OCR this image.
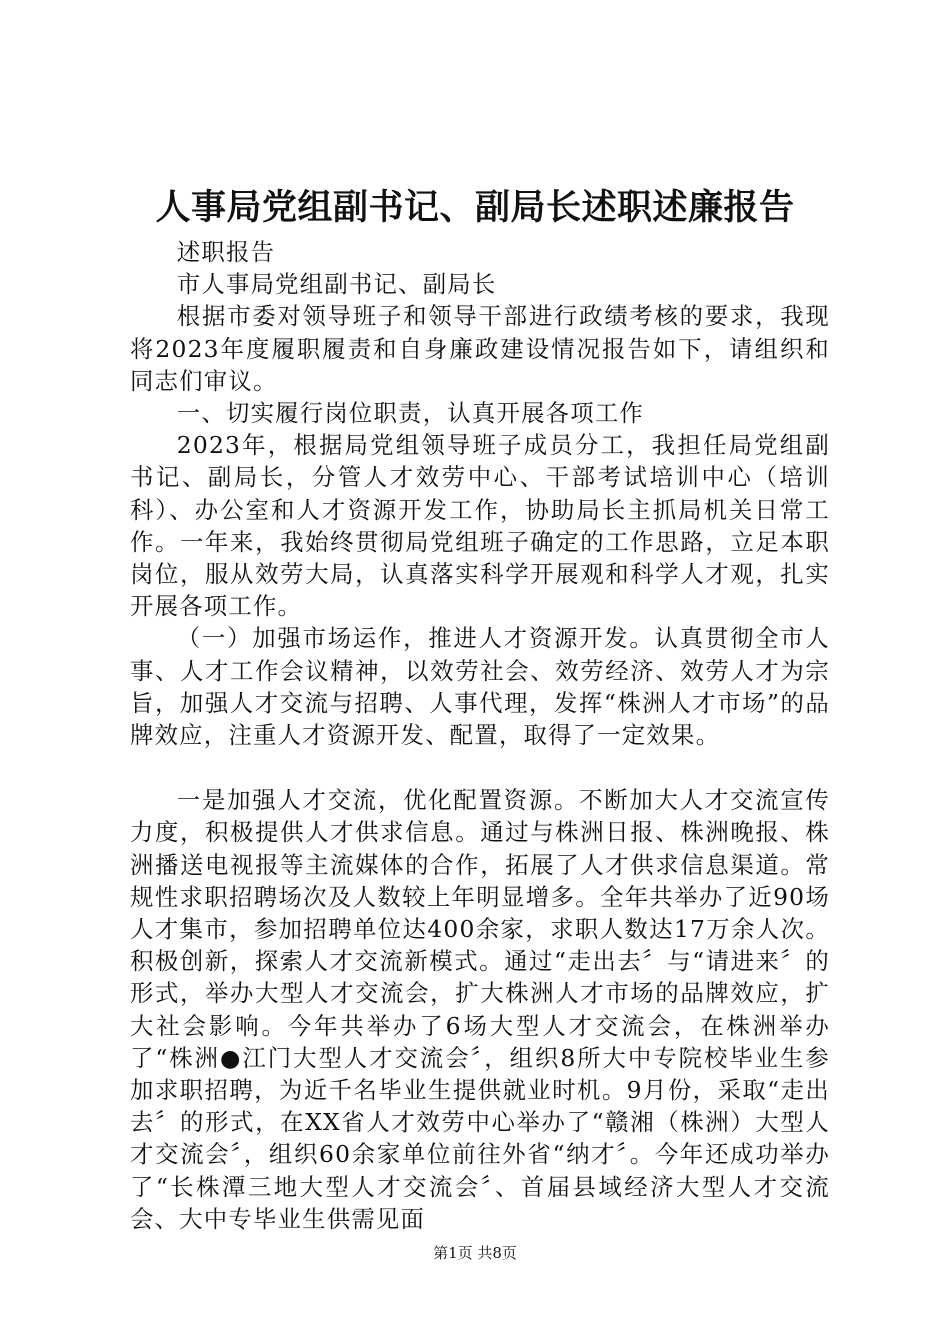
人事局党组副书记、副局长述职述廉报告

述职报告

市人事局党组副书记、副局长

根据市委对领导班子和领导干部进行政绩考核的要求，我现将2023年度履职履责和自身廉政建设情况报告如下，请组织和同志们审议。

一、切实履行岗位职责，认真开展各项工作

2023年，根据局党组领导班子成员分工，我担任局党组副书记、副局长，分管人才效劳中心、干部考试培训中心（培训科）、办公室和人才资源开发工作，协助局长主抓局机关日常工作。一年来，我始终贯彻局党组班子确定的工作思路，立足本职岗位，服从效劳大局，认真落实科学开展观和科学人才观，扎实开展各项工作。

（一）加强市场运作，推进人才资源开发。认真贯彻全市人事、人才工作会议精神，以效劳社会、效劳经济、效劳人才为宗旨，加强人才交流与招聘、人事代理，发挥“株洲人才市场”的品牌效应，注重人才资源开发、配置，取得了一定效果。

一是加强人才交流，优化配置资源。不断加大人才交流宣传力度，积极提供人才供求信息。通过与株洲日报、株洲晚报、株洲播送电视报等主流媒体的合作，拓展了人才供求信息渠道。常规性求职招聘场次及人数较上年明显增多。全年共举办了近90场人才集市，参加招聘单位达400余家，求职人数达17万余人次。积极创新，探索人才交流新模式。通过“走出去〞与“请进来〞的形式，举办大型人才交流会，扩大株洲人才市场的品牌效应，扩大社会影响。今年共举办了6场大型人才交流会，在株洲举办了“株洲●江门大型人才交流会〞，组织8所大中专院校毕业生参加求职招聘，为近千名毕业生提供就业时机。9月份，采取“走出去〞的形式，在XX省人才效劳中心举办了“赣湘（株洲）大型人才交流会〞，组织60余家单位前往外省“纳才〞。今年还成功举办了“长株潭三地大型人才交流会〞、首届县域经济大型人才交流会、大中专毕业生供需见面

第1页 共8页
